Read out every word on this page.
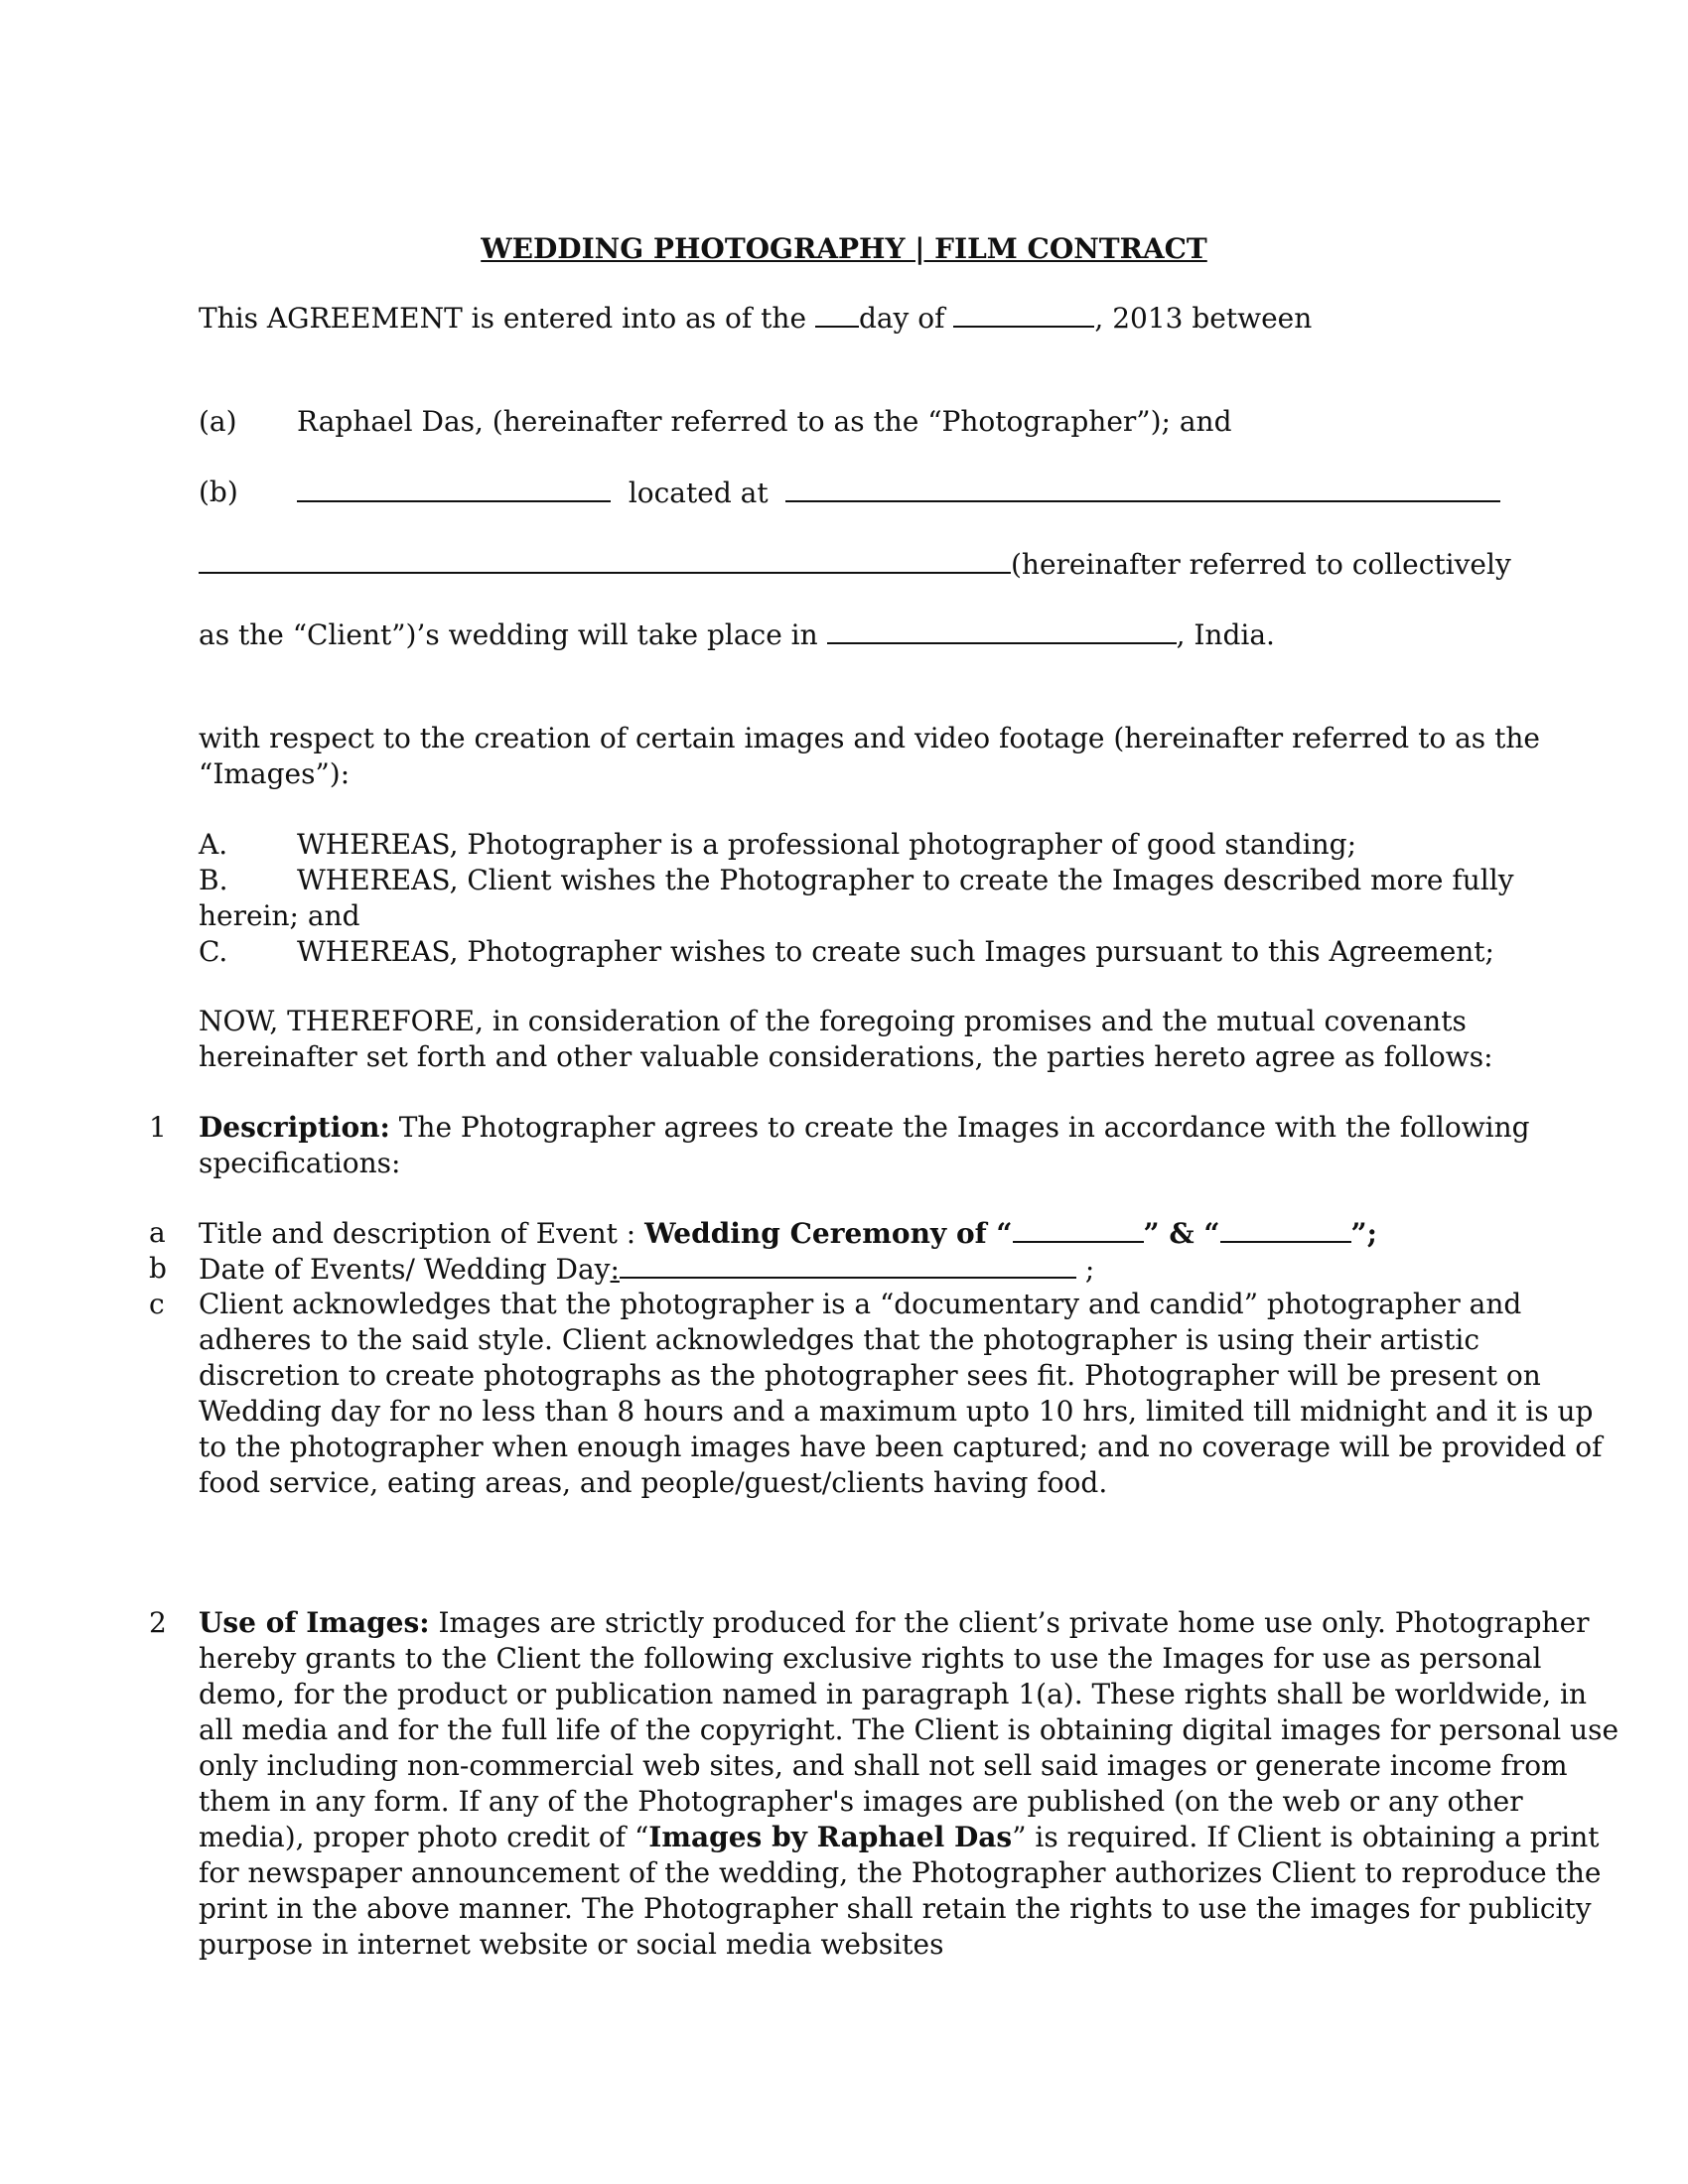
WEDDING PHOTOGRAPHY | FILM CONTRACT
This AGREEMENT is entered into as of the day of	, 2013 between
(a) Raphael Das, (hereinafter referred to as the “Photographer”); and
(b)	located at
(hereinafter referred to collectively
as the “Client”)’s wedding will take place in	, India.
with respect to the creation of certain images and video footage (hereinafter referred to as the
“Images”):
A. WHEREAS, Photographer is a professional photographer of good standing;
B. WHEREAS, Client wishes the Photographer to create the Images described more fully
herein; and
C. WHEREAS, Photographer wishes to create such Images pursuant to this Agreement;
NOW, THEREFORE, in consideration of the foregoing promises and the mutual covenants
hereinafter set forth and other valuable considerations, the parties hereto agree as follows:
1 Description: The Photographer agrees to create the Images in accordance with the following
specifications:
a Title and description of Event : Wedding Ceremony of “	” & “	”;
b Date of Events/ Wedding Day:	;
c Client acknowledges that the photographer is a “documentary and candid” photographer and
adheres to the said style. Client acknowledges that the photographer is using their artistic
discretion to create photographs as the photographer sees fit. Photographer will be present on
Wedding day for no less than 8 hours and a maximum upto 10 hrs, limited till midnight and it is up
to the photographer when enough images have been captured; and no coverage will be provided of
food service, eating areas, and people/guest/clients having food.
2 Use of Images: Images are strictly produced for the client’s private home use only. Photographer
hereby grants to the Client the following exclusive rights to use the Images for use as personal
demo, for the product or publication named in paragraph 1(a). These rights shall be worldwide, in
all media and for the full life of the copyright. The Client is obtaining digital images for personal use
only including non-commercial web sites, and shall not sell said images or generate income from
them in any form. If any of the Photographer's images are published (on the web or any other
media), proper photo credit of “Images by Raphael Das” is required. If Client is obtaining a print
for newspaper announcement of the wedding, the Photographer authorizes Client to reproduce the
print in the above manner. The Photographer shall retain the rights to use the images for publicity
purpose in internet website or social media websites
